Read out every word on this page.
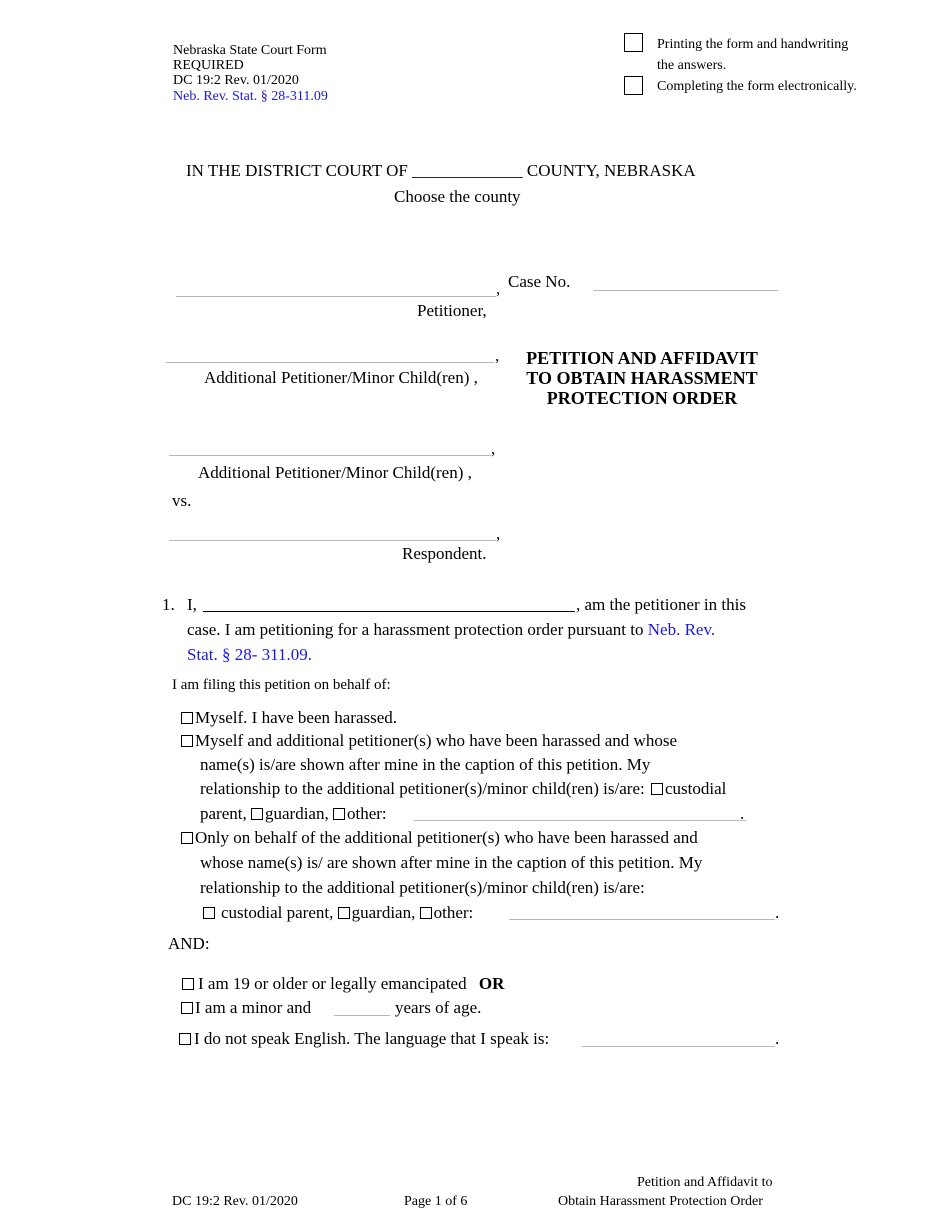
Nebraska State Court Form
REQUIRED
DC 19:2 Rev. 01/2020
Neb. Rev. Stat. § 28-311.09
Printing the form and handwriting
the answers.
Completing the form electronically.
IN THE DISTRICT COURT OF _____________ COUNTY, NEBRASKA
Choose the county
, Case No.
Petitioner,
,
Additional Petitioner/Minor Child(ren) ,
PETITION AND AFFIDAVIT
TO OBTAIN HARASSMENT
PROTECTION ORDER
,
Additional Petitioner/Minor Child(ren) ,
vs.
,
Respondent.
1. I,	, am the petitioner in this
case. I am petitioning for a harassment protection order pursuant to Neb. Rev.
Stat. § 28- 311.09.
I am filing this petition on behalf of:
Myself. I have been harassed.
Myself and additional petitioner(s) who have been harassed and whose
name(s) is/are shown after mine in the caption of this petition. My
relationship to the additional petitioner(s)/minor child(ren) is/are: custodial
parent, guardian, other:	.
Only on behalf of the additional petitioner(s) who have been harassed and
whose name(s) is/ are shown after mine in the caption of this petition. My
relationship to the additional petitioner(s)/minor child(ren) is/are:
custodial parent, guardian, other:	.
AND:
I am 19 or older or legally emancipated OR
I am a minor and	years of age.
I do not speak English. The language that I speak is:	.
DC 19:2 Rev. 01/2020	Page 1 of 6
Petition and Affidavit to
Obtain Harassment Protection Order
